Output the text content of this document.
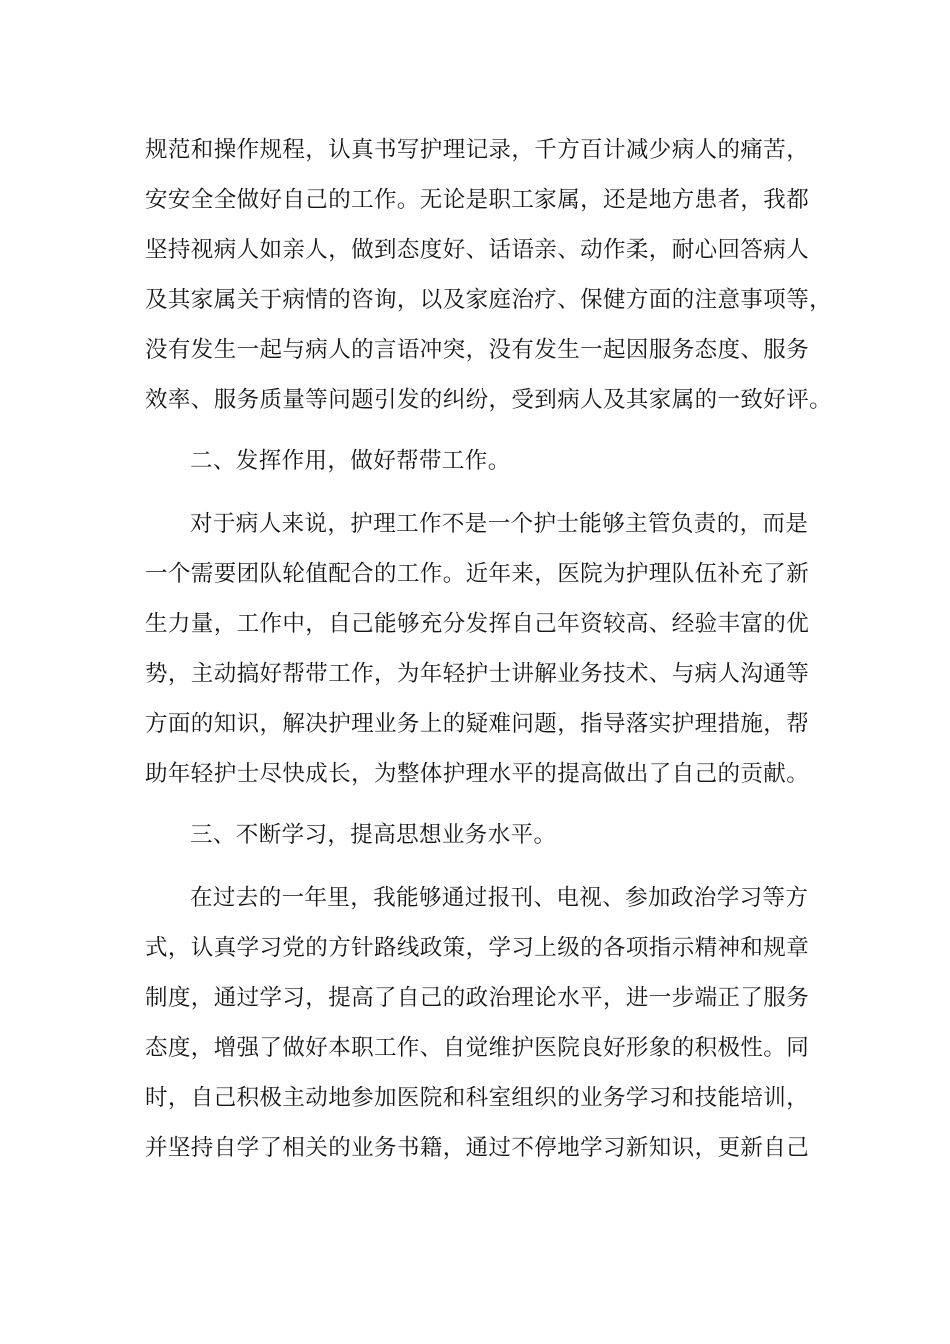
规范和操作规程，认真书写护理记录，千方百计减少病人的痛苦，
安安全全做好自己的工作。无论是职工家属，还是地方患者，我都
坚持视病人如亲人，做到态度好、话语亲、动作柔，耐心回答病人
及其家属关于病情的咨询，以及家庭治疗、保健方面的注意事项等，
没有发生一起与病人的言语冲突，没有发生一起因服务态度、服务
效率、服务质量等问题引发的纠纷，受到病人及其家属的一致好评。
二、发挥作用，做好帮带工作。
对于病人来说，护理工作不是一个护士能够主管负责的，而是
一个需要团队轮值配合的工作。近年来，医院为护理队伍补充了新
生力量，工作中，自己能够充分发挥自己年资较高、经验丰富的优
势，主动搞好帮带工作，为年轻护士讲解业务技术、与病人沟通等
方面的知识，解决护理业务上的疑难问题，指导落实护理措施，帮
助年轻护士尽快成长，为整体护理水平的提高做出了自己的贡献。
三、不断学习，提高思想业务水平。
在过去的一年里，我能够通过报刊、电视、参加政治学习等方
式，认真学习党的方针路线政策，学习上级的各项指示精神和规章
制度，通过学习，提高了自己的政治理论水平，进一步端正了服务
态度，增强了做好本职工作、自觉维护医院良好形象的积极性。同
时，自己积极主动地参加医院和科室组织的业务学习和技能培训，
并坚持自学了相关的业务书籍，通过不停地学习新知识，更新自己
